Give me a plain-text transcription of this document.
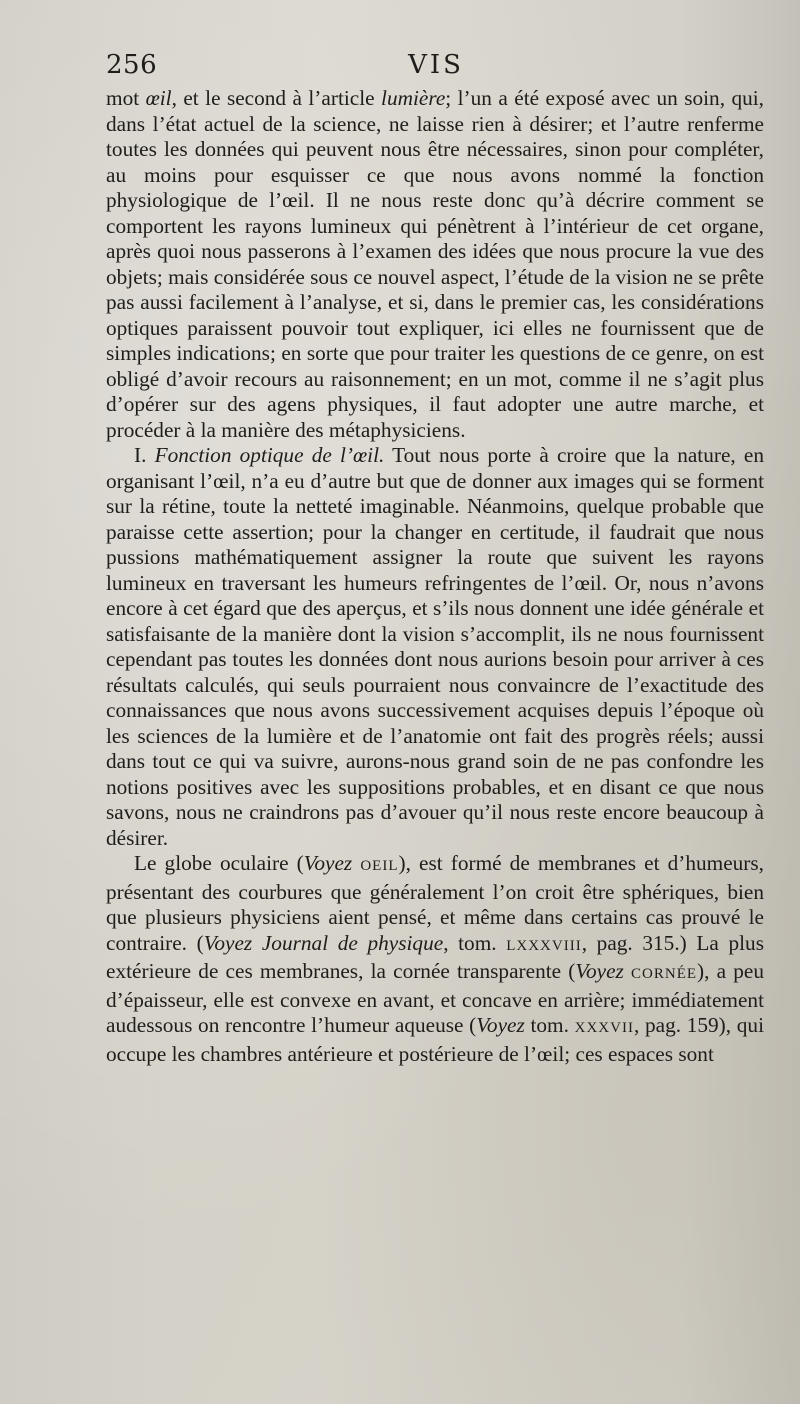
256	VIS

mot œil, et le second à l’article lumière; l’un a été exposé avec un soin, qui, dans l’état actuel de la science, ne laisse rien à désirer; et l’autre renferme toutes les données qui peuvent nous être nécessaires, sinon pour compléter, au moins pour esquisser ce que nous avons nommé la fonction physiologique de l’œil. Il ne nous reste donc qu’à décrire comment se comportent les rayons lumineux qui pénètrent à l’intérieur de cet organe, après quoi nous passerons à l’examen des idées que nous procure la vue des objets; mais considérée sous ce nouvel aspect, l’étude de la vision ne se prête pas aussi facilement à l’analyse, et si, dans le premier cas, les considérations optiques paraissent pouvoir tout expliquer, ici elles ne fournissent que de simples indications; en sorte que pour traiter les questions de ce genre, on est obligé d’avoir recours au raisonnement; en un mot, comme il ne s’agit plus d’opérer sur des agens physiques, il faut adopter une autre marche, et procéder à la manière des métaphysiciens.

I. Fonction optique de l’œil. Tout nous porte à croire que la nature, en organisant l’œil, n’a eu d’autre but que de donner aux images qui se forment sur la rétine, toute la netteté imaginable. Néanmoins, quelque probable que paraisse cette assertion; pour la changer en certitude, il faudrait que nous pussions mathématiquement assigner la route que suivent les rayons lumineux en traversant les humeurs refringentes de l’œil. Or, nous n’avons encore à cet égard que des aperçus, et s’ils nous donnent une idée générale et satisfaisante de la manière dont la vision s’accomplit, ils ne nous fournissent cependant pas toutes les données dont nous aurions besoin pour arriver à ces résultats calculés, qui seuls pourraient nous convaincre de l’exactitude des connaissances que nous avons successivement acquises depuis l’époque où les sciences de la lumière et de l’anatomie ont fait des progrès réels; aussi dans tout ce qui va suivre, aurons-nous grand soin de ne pas confondre les notions positives avec les suppositions probables, et en disant ce que nous savons, nous ne craindrons pas d’avouer qu’il nous reste encore beaucoup à désirer.

Le globe oculaire (Voyez OEIL), est formé de membranes et d’humeurs, présentant des courbures que généralement l’on croit être sphériques, bien que plusieurs physiciens aient pensé, et même dans certains cas prouvé le contraire. (Voyez Journal de physique, tom. LXXXVIII, pag. 315.) La plus extérieure de ces membranes, la cornée transparente (Voyez CORNÉE), a peu d’épaisseur, elle est convexe en avant, et concave en arrière; immédiatement audessous on rencontre l’humeur aqueuse (Voyez tom. XXXVII, pag. 159), qui occupe les chambres antérieure et postérieure de l’œil; ces espaces sont
